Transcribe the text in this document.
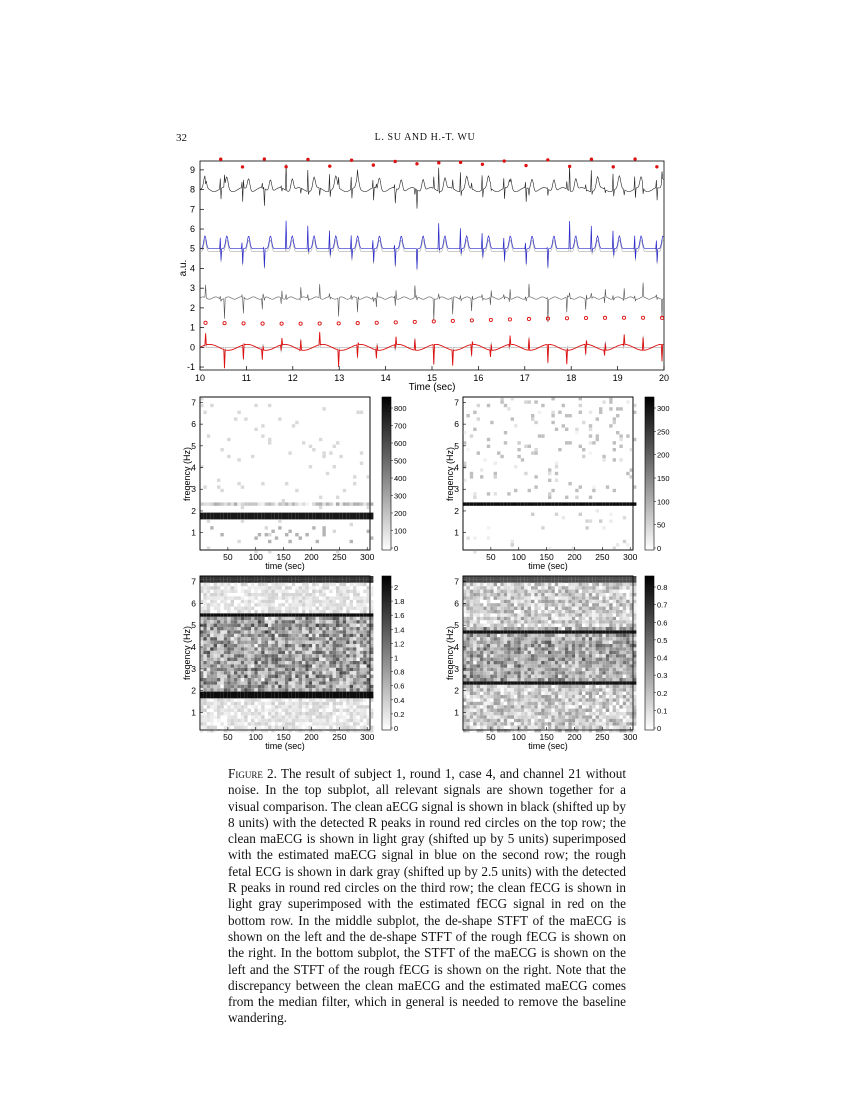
32	L. SU AND H.-T. WU
-1
0
1
2
3
4
5
6
7
8
9
10	11	12	13	14	15	16	17	18	19	20
a.u.
Time (sec)
50 100 150 200 250 300
1
2
3
4
5
6
7
800
700
600
500
400
300
200
100
0
freqency (Hz)
time (sec)
50 100 150 200 250 300
1
2
3
4
5
6
7
300
250
200
150
100
50
0
freqency (Hz)
time (sec)
50 100 150 200 250 300
1
2
3
4
5
6
7
2
1.8
1.6
1.4
1.2
1
0.8
0.6
0.4
0.2
0
freqency (Hz)
time (sec)
50 100 150 200 250 300
1
2
3
4
5
6
7
0.8
0.7
0.6
0.5
0.4
0.3
0.2
0.1
0
freqency (Hz)
time (sec)
Figure 2. The result of subject 1, round 1, case 4, and channel 21 without noise. In the top subplot, all relevant signals are shown together for a visual comparison. The clean aECG signal is shown in black (shifted up by 8 units) with the detected R peaks in round red circles on the top row; the clean maECG is shown in light gray (shifted up by 5 units) superimposed with the estimated maECG signal in blue on the second row; the rough fetal ECG is shown in dark gray (shifted up by 2.5 units) with the detected R peaks in round red circles on the third row; the clean fECG is shown in light gray superimposed with the estimated fECG signal in red on the bottom row. In the middle subplot, the de-shape STFT of the maECG is shown on the left and the de-shape STFT of the rough fECG is shown on the right. In the bottom subplot, the STFT of the maECG is shown on the left and the STFT of the rough fECG is shown on the right. Note that the discrepancy between the clean maECG and the estimated maECG comes from the median filter, which in general is needed to remove the baseline wandering.
